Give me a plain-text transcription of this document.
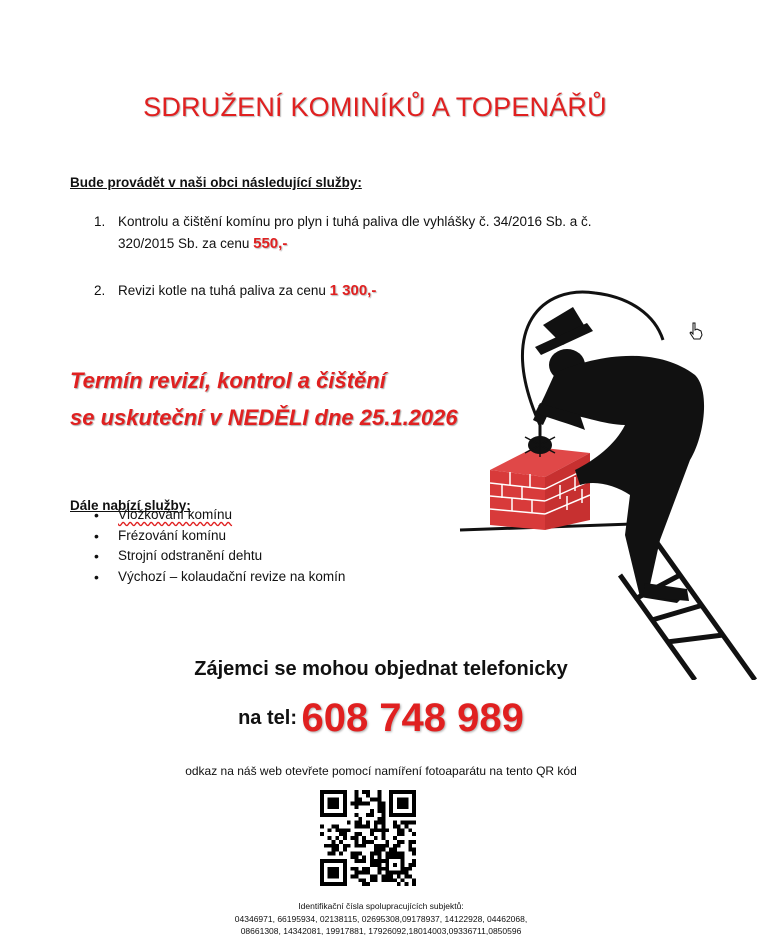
SDRUŽENÍ KOMINÍKŮ A TOPENÁŘŮ
Bude provádět v naši obci následující služby:
1. Kontrolu a čištění komínu pro plyn i tuhá paliva dle vyhlášky č. 34/2016 Sb. a č.
320/2015 Sb. za cenu 550,-
2. Revizi kotle na tuhá paliva za cenu 1 300,-
Termín revizí, kontrol a čištění
se uskuteční v NEDĚLI dne 25.1.2026
Dále nabízí služby:
• Vložkování komínu
• Frézování komínu
• Strojní odstranění dehtu
• Výchozí – kolaudační revize na komín
Zájemci se mohou objednat telefonicky
na tel: 608 748 989
odkaz na náš web otevřete pomocí namíření fotoaparátu na tento QR kód
Identifikační čísla spolupracujících subjektů:
04346971, 66195934, 02138115, 02695308,09178937, 14122928, 04462068,
08661308, 14342081, 19917881, 17926092,18014003,09336711,0850596
